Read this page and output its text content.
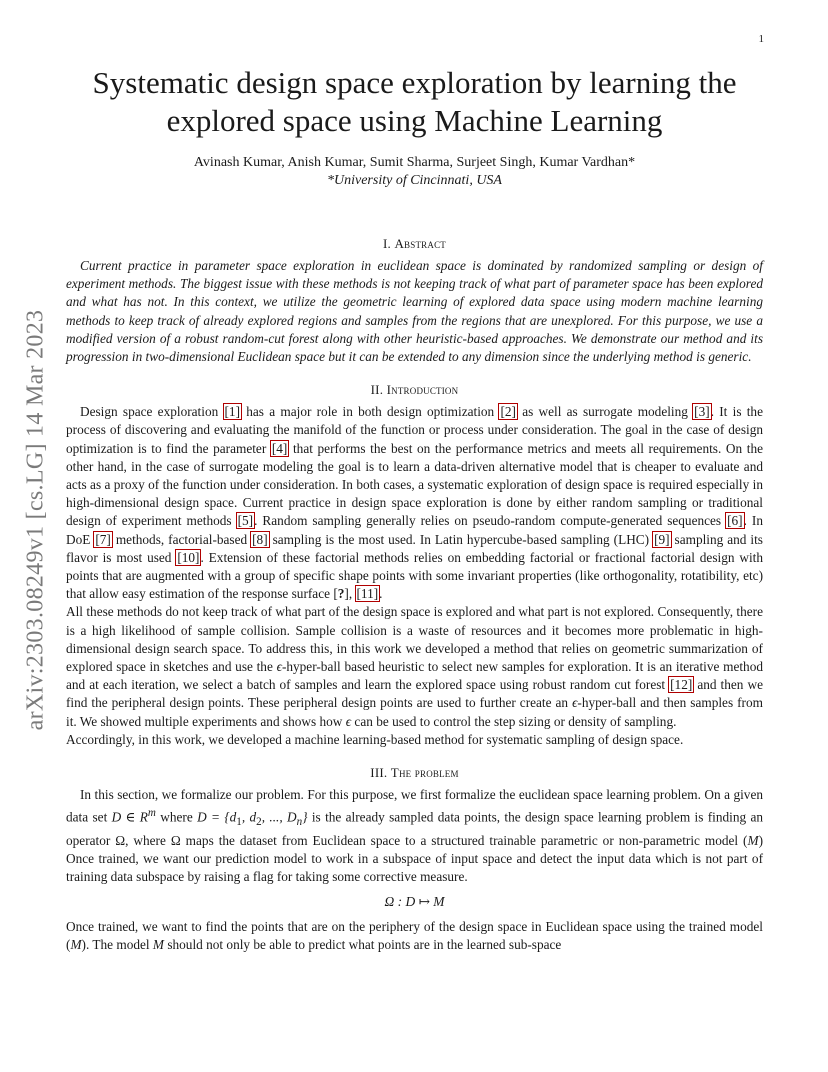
1
arXiv:2303.08249v1 [cs.LG] 14 Mar 2023
Systematic design space exploration by learning the
explored space using Machine Learning
Avinash Kumar, Anish Kumar, Sumit Sharma, Surjeet Singh, Kumar Vardhan*
*University of Cincinnati, USA
I. Abstract

Current practice in parameter space exploration in euclidean space is dominated by randomized sampling or design of experiment methods. The biggest issue with these methods is not keeping track of what part of parameter space has been explored and what has not. In this context, we utilize the geometric learning of explored data space using modern machine learning methods to keep track of already explored regions and samples from the regions that are unexplored. For this purpose, we use a modified version of a robust random-cut forest along with other heuristic-based approaches. We demonstrate our method and its progression in two-dimensional Euclidean space but it can be extended to any dimension since the underlying method is generic.

II. Introduction

Design space exploration [1] has a major role in both design optimization [2] as well as surrogate modeling [3]. It is the process of discovering and evaluating the manifold of the function or process under consideration. The goal in the case of design optimization is to find the parameter [4] that performs the best on the performance metrics and meets all requirements. On the other hand, in the case of surrogate modeling the goal is to learn a data-driven alternative model that is cheaper to evaluate and acts as a proxy of the function under consideration. In both cases, a systematic exploration of design space is required especially in high-dimensional design space. Current practice in design space exploration is done by either random sampling or traditional design of experiment methods [5]. Random sampling generally relies on pseudo-random compute-generated sequences [6]. In DoE [7] methods, factorial-based [8] sampling is the most used. In Latin hypercube-based sampling (LHC) [9] sampling and its flavor is most used [10]. Extension of these factorial methods relies on embedding factorial or fractional factorial design with points that are augmented with a group of specific shape points with some invariant properties (like orthogonality, rotatibility, etc) that allow easy estimation of the response surface [?], [11].

All these methods do not keep track of what part of the design space is explored and what part is not explored. Consequently, there is a high likelihood of sample collision. Sample collision is a waste of resources and it becomes more problematic in high-dimensional design search space. To address this, in this work we developed a method that relies on geometric summarization of explored space in sketches and use the ϵ-hyper-ball based heuristic to select new samples for exploration. It is an iterative method and at each iteration, we select a batch of samples and learn the explored space using robust random cut forest [12] and then we find the peripheral design points. These peripheral design points are used to further create an ϵ-hyper-ball and then samples from it. We showed multiple experiments and shows how ϵ can be used to control the step sizing or density of sampling.

Accordingly, in this work, we developed a machine learning-based method for systematic sampling of design space.

III. The problem

In this section, we formalize our problem. For this purpose, we first formalize the euclidean space learning problem. On a given data set D ∈ $R^m$ where $D = \{d_1$, $d_2$, ..., $D_n$} is the already sampled data points, the design space learning problem is finding an operator Ω, where Ω maps the dataset from Euclidean space to a structured trainable parametric or non-parametric model (M) Once trained, we want our prediction model to work in a subspace of input space and detect the input data which is not part of training data subspace by raising a flag for taking some corrective measure.

Ω : D ↦ M

Once trained, we want to find the points that are on the periphery of the design space in Euclidean space using the trained model (M). The model M should not only be able to predict what points are in the learned sub-space
